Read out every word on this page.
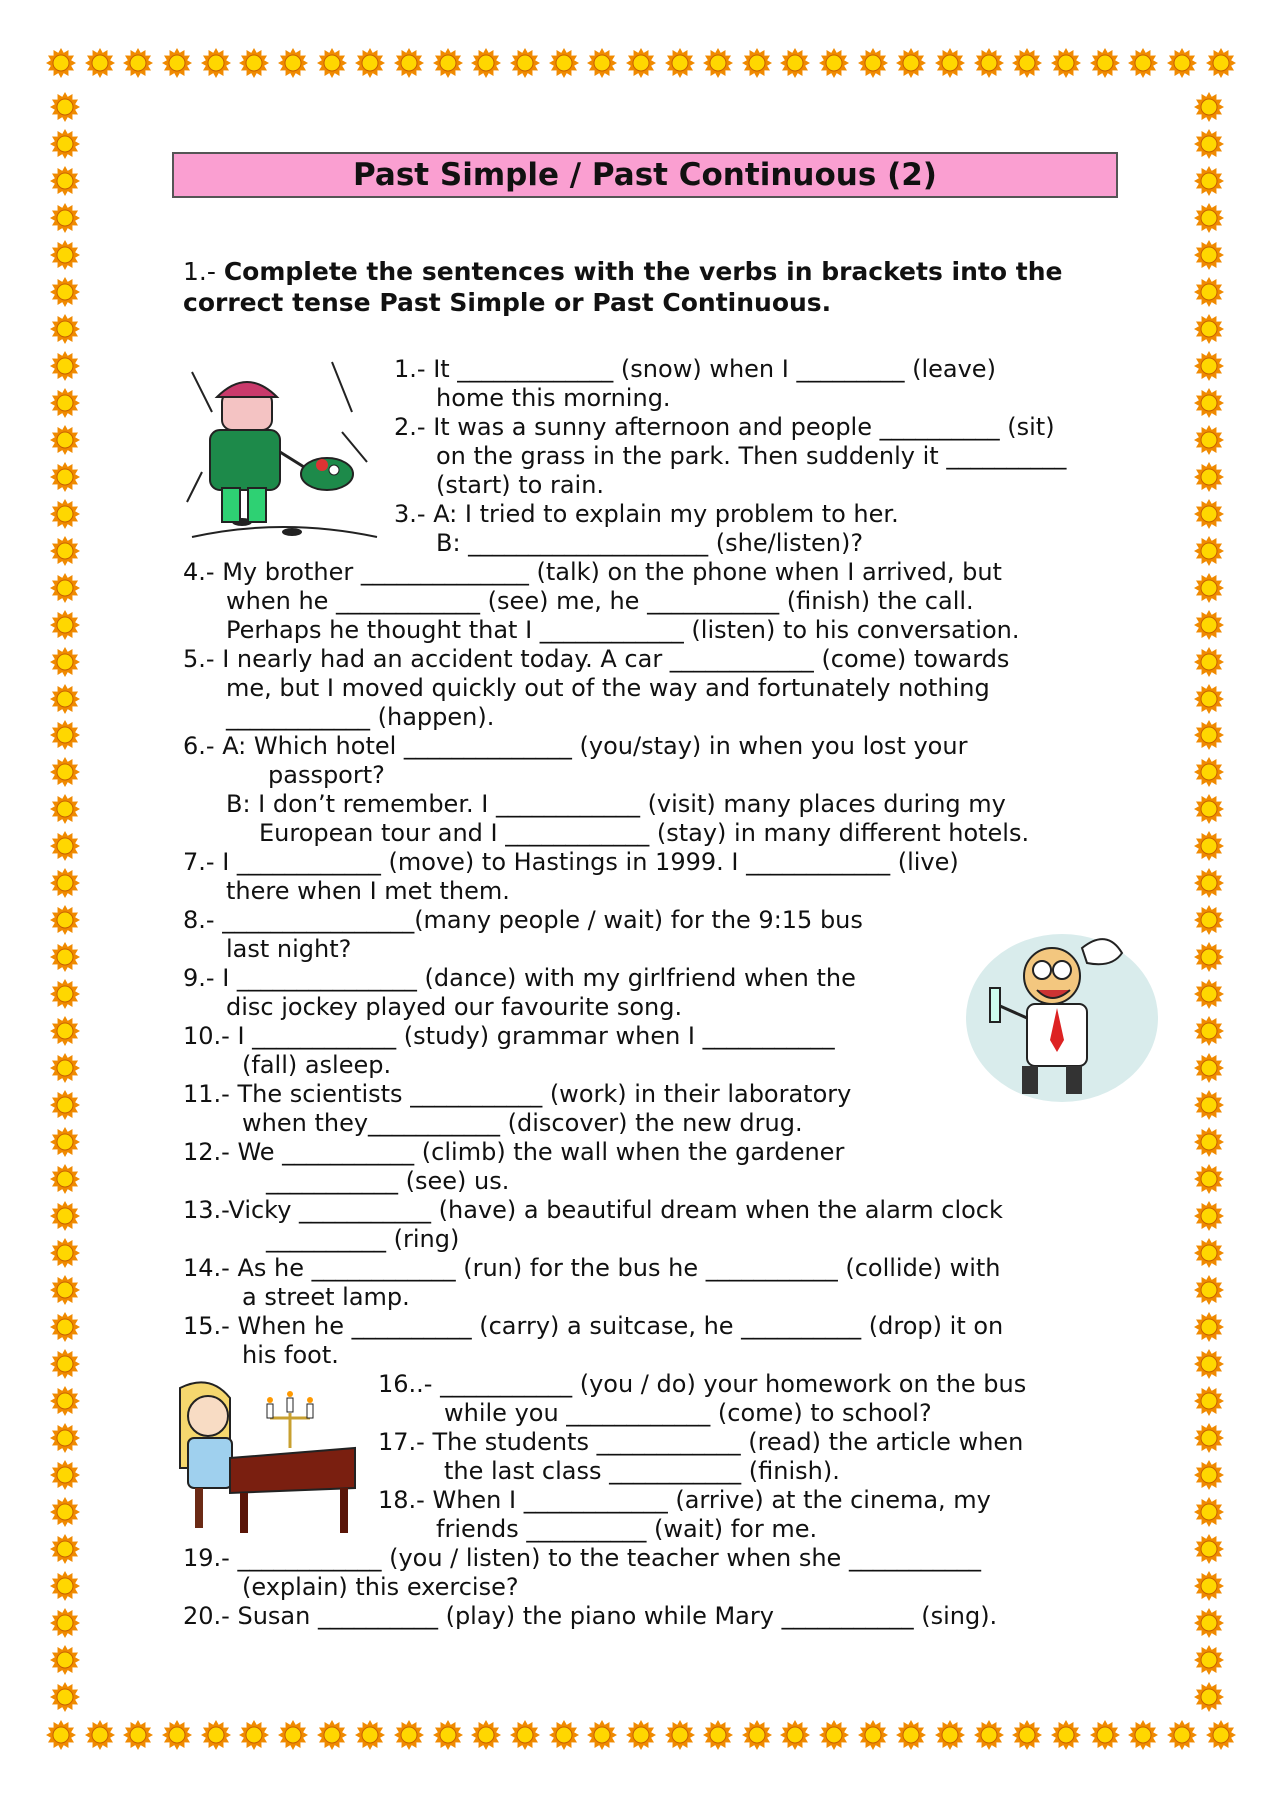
Past Simple / Past Continuous (2)
1.- Complete the sentences with the verbs in brackets into the correct tense Past Simple or Past Continuous.
1.- It _____________ (snow) when I _________ (leave)
home this morning.
2.- It was a sunny afternoon and people __________ (sit)
on the grass in the park. Then suddenly it __________
(start) to rain.
3.- A: I tried to explain my problem to her.
B: ____________________ (she/listen)?
4.- My brother ______________ (talk) on the phone when I arrived, but
when he ____________ (see) me, he ___________ (finish) the call.
Perhaps he thought that I ____________ (listen) to his conversation.
5.- I nearly had an accident today. A car ____________ (come) towards
me, but I moved quickly out of the way and fortunately nothing
____________ (happen).
6.- A: Which hotel ______________ (you/stay) in when you lost your
passport?
B: I don’t remember. I ____________ (visit) many places during my
European tour and I ____________ (stay) in many different hotels.
7.- I ____________ (move) to Hastings in 1999. I ____________ (live)
there when I met them.
8.- ________________(many people / wait) for the 9:15 bus
last night?
9.- I _______________ (dance) with my girlfriend when the
disc jockey played our favourite song.
10.- I ____________ (study) grammar when I ___________
(fall) asleep.
11.- The scientists ___________ (work) in their laboratory
when they___________ (discover) the new drug.
12.- We ___________ (climb) the wall when the gardener
___________ (see) us.
13.-Vicky ___________ (have) a beautiful dream when the alarm clock
__________ (ring)
14.- As he ____________ (run) for the bus he ___________ (collide) with
a street lamp.
15.- When he __________ (carry) a suitcase, he __________ (drop) it on
his foot.
16..- ___________ (you / do) your homework on the bus
while you ____________ (come) to school?
17.- The students ____________ (read) the article when
the last class ___________ (finish).
18.- When I ____________ (arrive) at the cinema, my
friends __________ (wait) for me.
19.- ____________ (you / listen) to the teacher when she ___________
(explain) this exercise?
20.- Susan __________ (play) the piano while Mary ___________ (sing).
